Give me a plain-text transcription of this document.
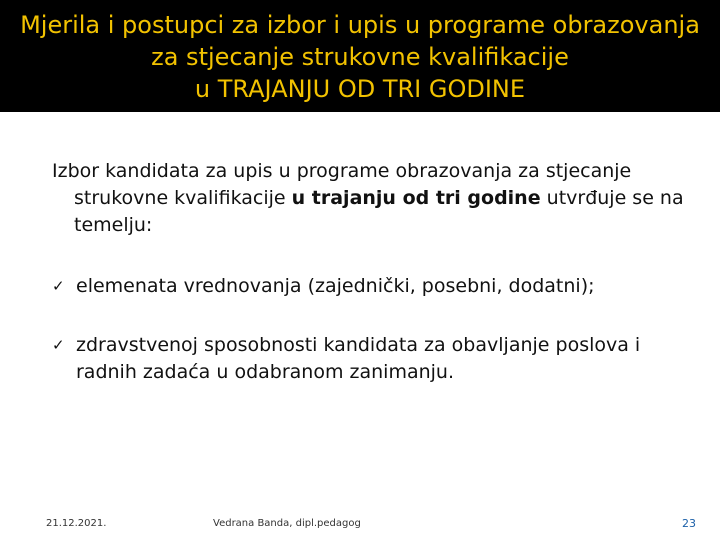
Mjerila i postupci za izbor i upis u programe obrazovanja
za stjecanje strukovne kvalifikacije
u TRAJANJU OD TRI GODINE

Izbor kandidata za upis u programe obrazovanja za stjecanje strukovne kvalifikacije u trajanju od tri godine utvrđuje se na temelju:

✓ elemenata vrednovanja (zajednički, posebni, dodatni);

✓ zdravstvenoj sposobnosti kandidata za obavljanje poslova i radnih zadaća u odabranom zanimanju.

21.12.2021.	Vedrana Banda, dipl.pedagog	23
